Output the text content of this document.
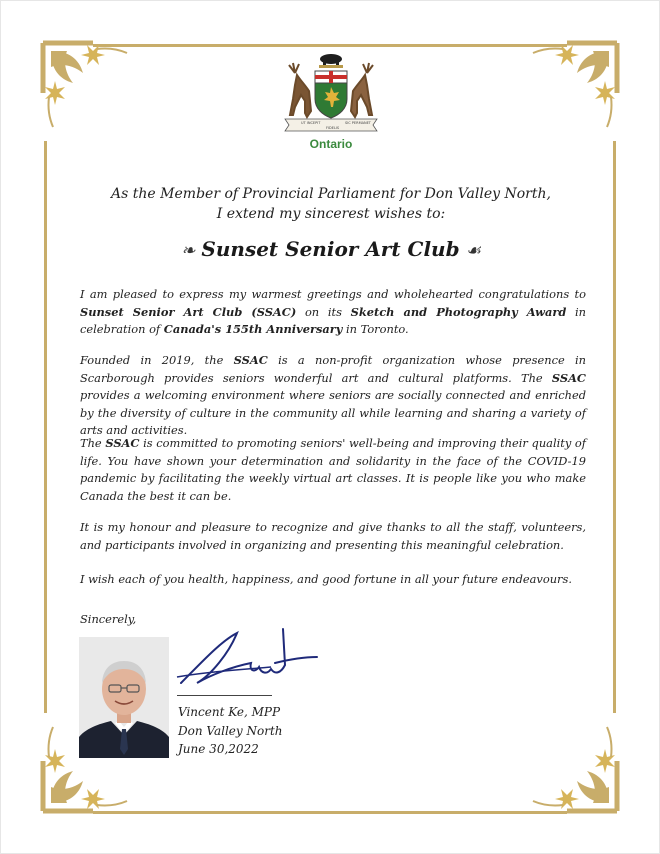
UT INCEPIT
FIDELIS
SIC PERMANET
Ontario
As the Member of Provincial Parliament for Don Valley North,
I extend my sincerest wishes to:
❧ Sunset Senior Art Club ☙
I am pleased to express my warmest greetings and wholehearted congratulations to Sunset Senior Art Club (SSAC) on its Sketch and Photography Award in celebration of Canada's 155th Anniversary in Toronto.
Founded in 2019, the SSAC is a non-profit organization whose presence in Scarborough provides seniors wonderful art and cultural platforms. The SSAC provides a welcoming environment where seniors are socially connected and enriched by the diversity of culture in the community all while learning and sharing a variety of arts and activities.
The SSAC is committed to promoting seniors' well-being and improving their quality of life. You have shown your determination and solidarity in the face of the COVID-19 pandemic by facilitating the weekly virtual art classes. It is people like you who make Canada the best it can be.
It is my honour and pleasure to recognize and give thanks to all the staff, volunteers, and participants involved in organizing and presenting this meaningful celebration.
I wish each of you health, happiness, and good fortune in all your future endeavours.
Sincerely,
Vincent Ke, MPP
Don Valley North
June 30,2022
